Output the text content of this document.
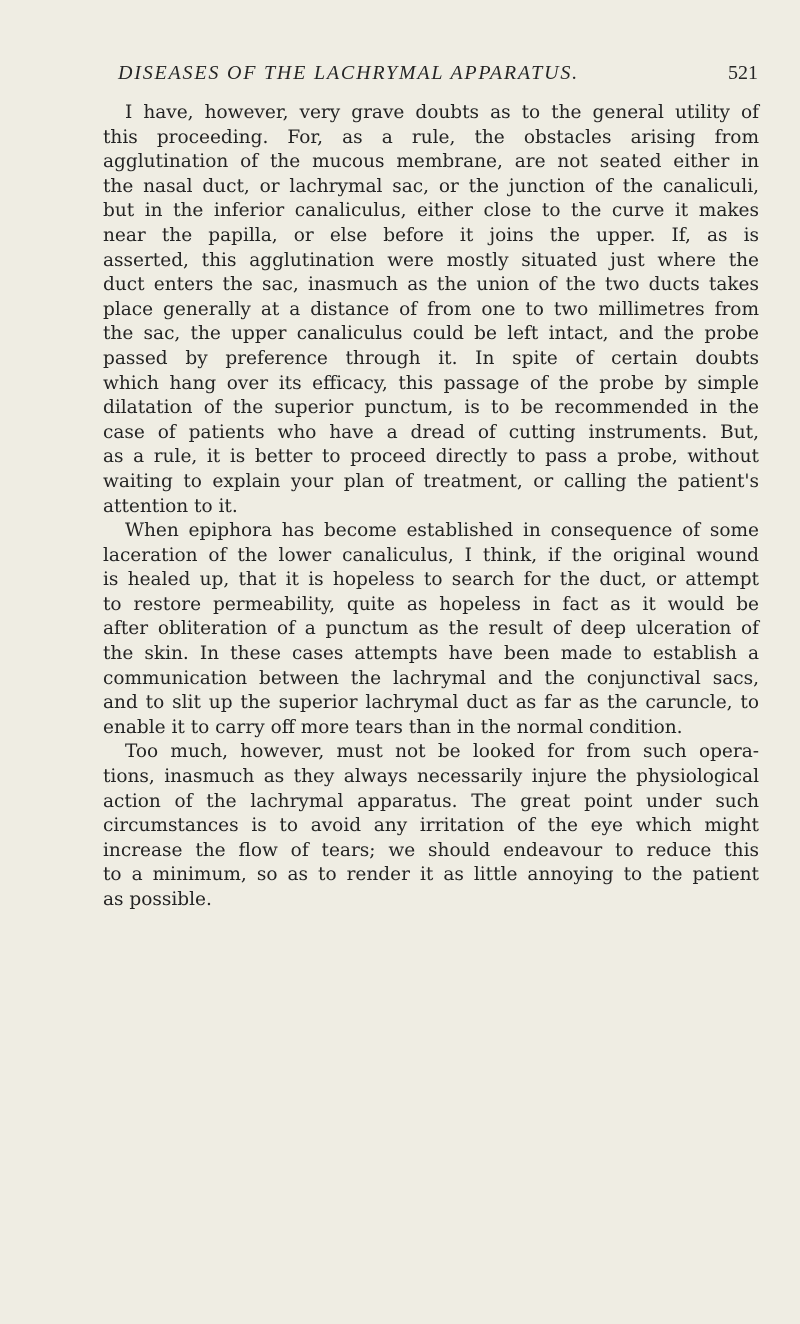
DISEASES OF THE LACHRYMAL APPARATUS.	521
I have, however, very grave doubts as to the general utility of
this proceeding. For, as a rule, the obstacles arising from
agglutination of the mucous membrane, are not seated either in
the nasal duct, or lachrymal sac, or the junction of the canaliculi,
but in the inferior canaliculus, either close to the curve it makes
near the papilla, or else before it joins the upper. If, as is
asserted, this agglutination were mostly situated just where the
duct enters the sac, inasmuch as the union of the two ducts takes
place generally at a distance of from one to two millimetres from
the sac, the upper canaliculus could be left intact, and the probe
passed by preference through it. In spite of certain doubts
which hang over its efficacy, this passage of the probe by simple
dilatation of the superior punctum, is to be recommended in the
case of patients who have a dread of cutting instruments. But,
as a rule, it is better to proceed directly to pass a probe, without
waiting to explain your plan of treatment, or calling the patient's
attention to it.
When epiphora has become established in consequence of some
laceration of the lower canaliculus, I think, if the original wound
is healed up, that it is hopeless to search for the duct, or attempt
to restore permeability, quite as hopeless in fact as it would be
after obliteration of a punctum as the result of deep ulceration of
the skin. In these cases attempts have been made to establish a
communication between the lachrymal and the conjunctival sacs,
and to slit up the superior lachrymal duct as far as the caruncle, to
enable it to carry off more tears than in the normal condition.
Too much, however, must not be looked for from such opera-
tions, inasmuch as they always necessarily injure the physiological
action of the lachrymal apparatus. The great point under such
circumstances is to avoid any irritation of the eye which might
increase the flow of tears; we should endeavour to reduce this
to a minimum, so as to render it as little annoying to the patient
as possible.
